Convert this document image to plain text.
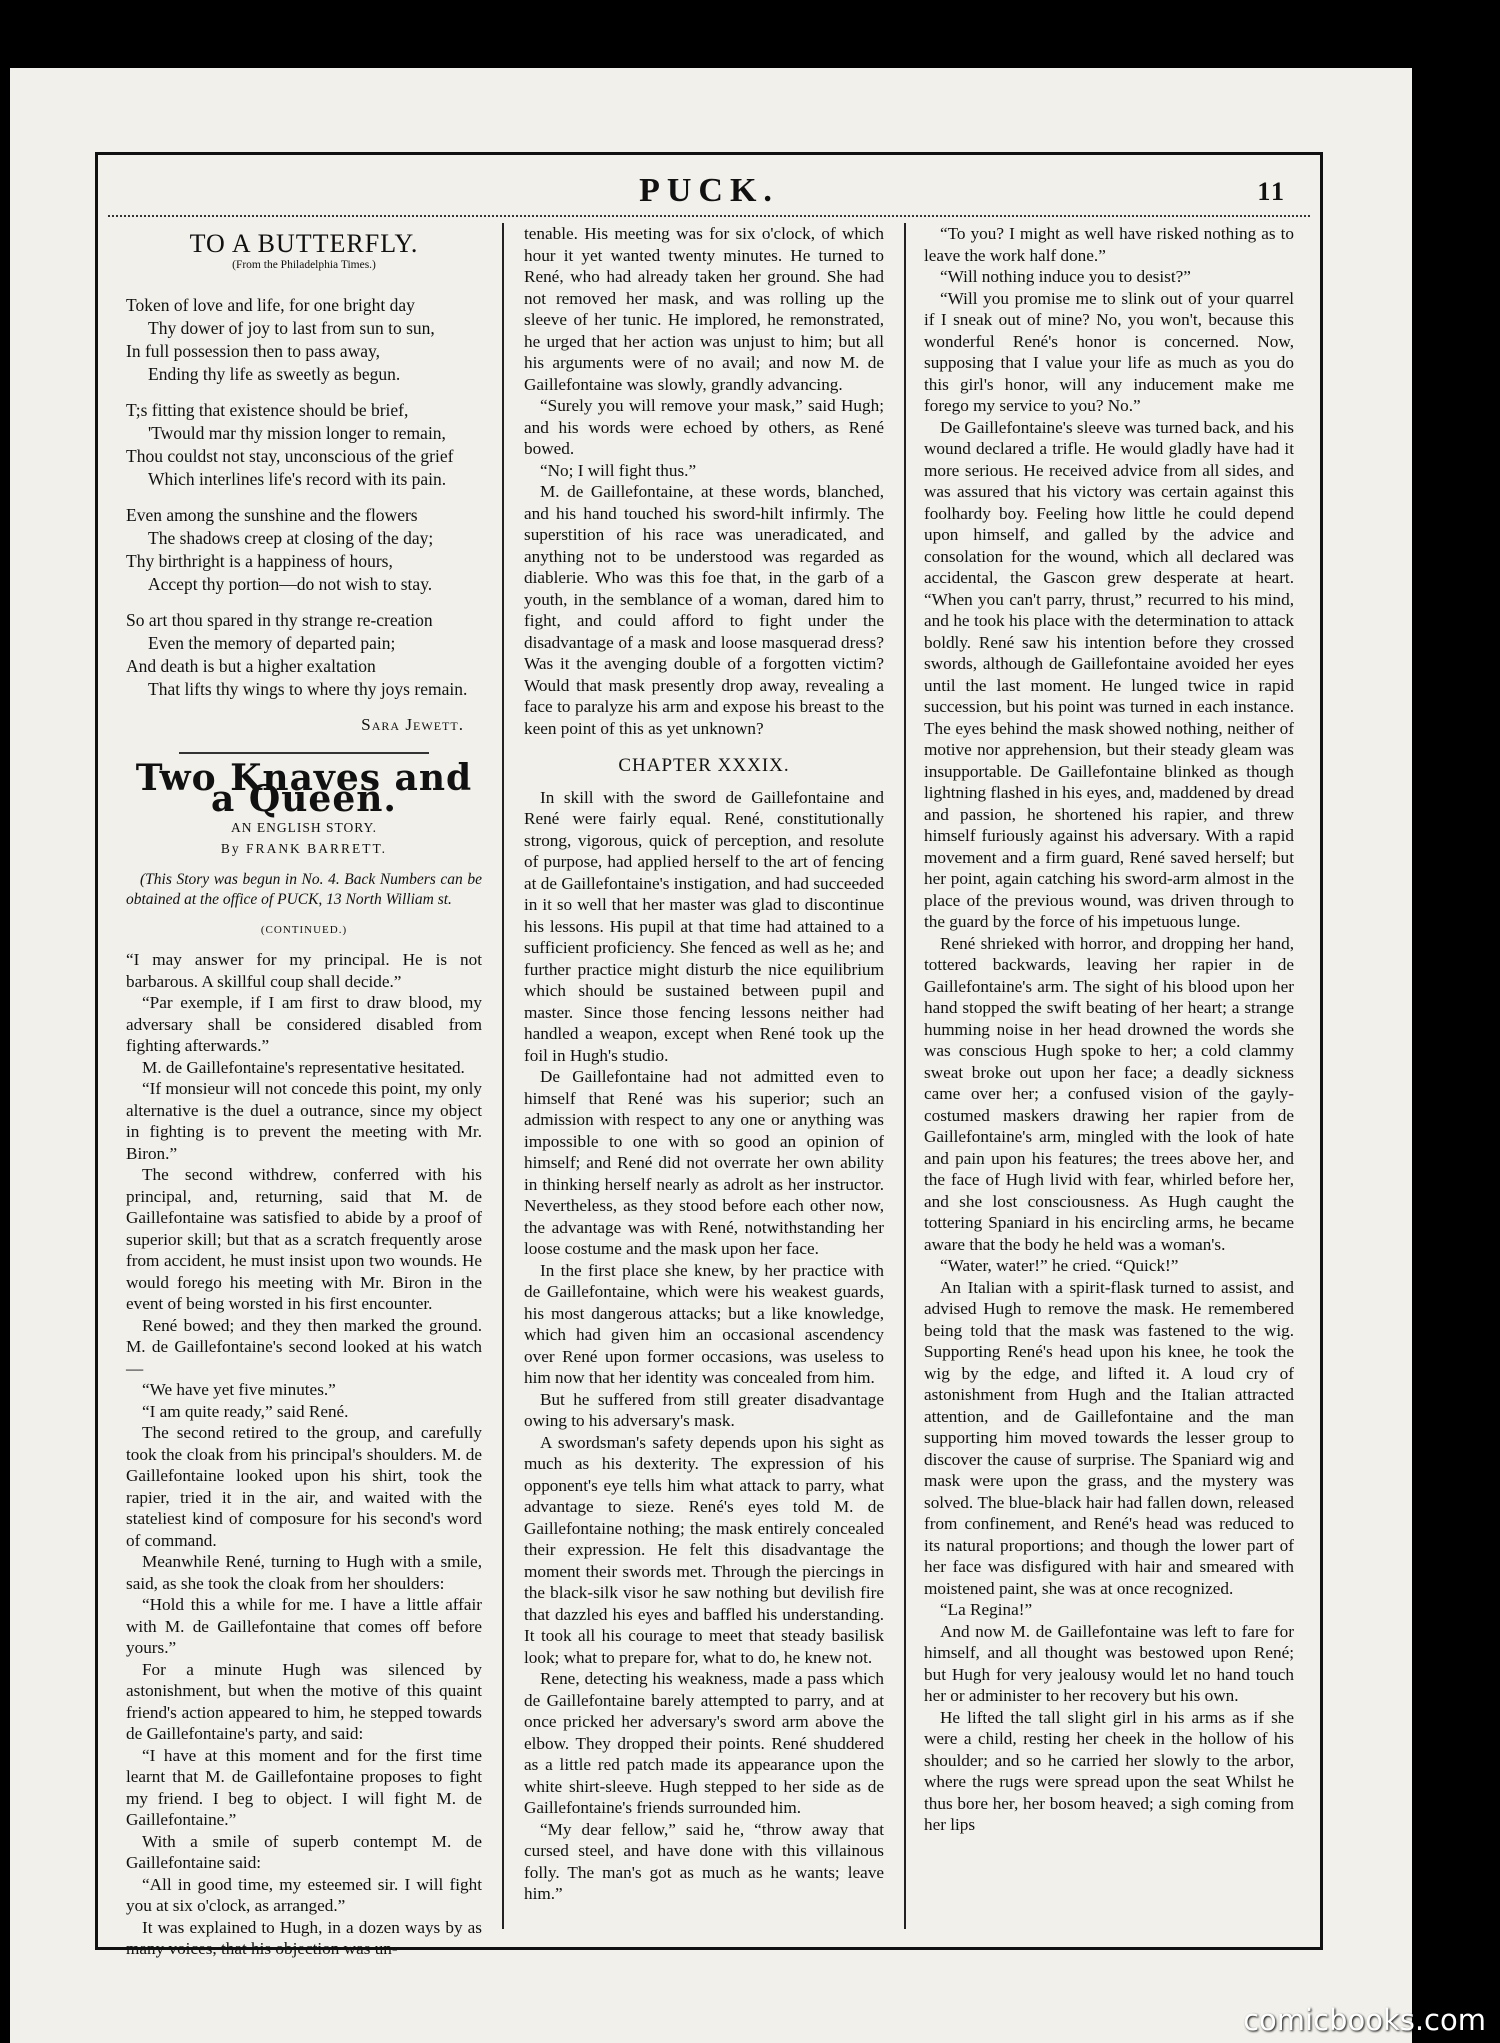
PUCK.	11
TO A BUTTERFLY.
(From the Philadelphia Times.)
Token of love and life, for one bright day
Thy dower of joy to last from sun to sun,
In full possession then to pass away,
Ending thy life as sweetly as begun.
T;s fitting that existence should be brief,
'Twould mar thy mission longer to remain,
Thou couldst not stay, unconscious of the grief
Which interlines life's record with its pain.
Even among the sunshine and the flowers
The shadows creep at closing of the day;
Thy birthright is a happiness of hours,
Accept thy portion—do not wish to stay.
So art thou spared in thy strange re-creation
Even the memory of departed pain;
And death is but a higher exaltation
That lifts thy wings to where thy joys remain.
Sara Jewett.
Two Knaves and a Queen.
AN ENGLISH STORY.
By FRANK BARRETT.
(This Story was begun in No. 4. Back Numbers can be obtained at the office of PUCK, 13 North William st.
(CONTINUED.)

“I may answer for my principal. He is not barbarous. A skillful coup shall decide.”

“Par exemple, if I am first to draw blood, my adversary shall be considered disabled from fighting afterwards.”

M. de Gaillefontaine's representative hesitated.

“If monsieur will not concede this point, my only alternative is the duel a outrance, since my object in fighting is to prevent the meeting with Mr. Biron.”

The second withdrew, conferred with his principal, and, returning, said that M. de Gaillefontaine was satisfied to abide by a proof of superior skill; but that as a scratch frequently arose from accident, he must insist upon two wounds. He would forego his meeting with Mr. Biron in the event of being worsted in his first encounter.

René bowed; and they then marked the ground. M. de Gaillefontaine's second looked at his watch—

“We have yet five minutes.”

“I am quite ready,” said René.

The second retired to the group, and carefully took the cloak from his principal's shoulders. M. de Gaillefontaine looked upon his shirt, took the rapier, tried it in the air, and waited with the stateliest kind of composure for his second's word of command.

Meanwhile René, turning to Hugh with a smile, said, as she took the cloak from her shoulders:

“Hold this a while for me. I have a little affair with M. de Gaillefontaine that comes off before yours.”

For a minute Hugh was silenced by astonishment, but when the motive of this quaint friend's action appeared to him, he stepped towards de Gaillefontaine's party, and said:

“I have at this moment and for the first time learnt that M. de Gaillefontaine proposes to fight my friend. I beg to object. I will fight M. de Gaillefontaine.”

With a smile of superb contempt M. de Gaillefontaine said:

“All in good time, my esteemed sir. I will fight you at six o'clock, as arranged.”

It was explained to Hugh, in a dozen ways by as many voices, that his objection was un-

tenable. His meeting was for six o'clock, of which hour it yet wanted twenty minutes. He turned to René, who had already taken her ground. She had not removed her mask, and was rolling up the sleeve of her tunic. He implored, he remonstrated, he urged that her action was unjust to him; but all his arguments were of no avail; and now M. de Gaillefontaine was slowly, grandly advancing.

“Surely you will remove your mask,” said Hugh; and his words were echoed by others, as René bowed.

“No; I will fight thus.”

M. de Gaillefontaine, at these words, blanched, and his hand touched his sword-hilt infirmly. The superstition of his race was uneradicated, and anything not to be understood was regarded as diablerie. Who was this foe that, in the garb of a youth, in the semblance of a woman, dared him to fight, and could afford to fight under the disadvantage of a mask and loose masquerad dress? Was it the avenging double of a forgotten victim? Would that mask presently drop away, revealing a face to paralyze his arm and expose his breast to the keen point of this as yet unknown?

CHAPTER XXXIX.

In skill with the sword de Gaillefontaine and René were fairly equal. René, constitutionally strong, vigorous, quick of perception, and resolute of purpose, had applied herself to the art of fencing at de Gaillefontaine's instigation, and had succeeded in it so well that her master was glad to discontinue his lessons. His pupil at that time had attained to a sufficient proficiency. She fenced as well as he; and further practice might disturb the nice equilibrium which should be sustained between pupil and master. Since those fencing lessons neither had handled a weapon, except when René took up the foil in Hugh's studio.

De Gaillefontaine had not admitted even to himself that René was his superior; such an admission with respect to any one or anything was impossible to one with so good an opinion of himself; and René did not overrate her own ability in thinking herself nearly as adrolt as her instructor. Nevertheless, as they stood before each other now, the advantage was with René, notwithstanding her loose costume and the mask upon her face.

In the first place she knew, by her practice with de Gaillefontaine, which were his weakest guards, his most dangerous attacks; but a like knowledge, which had given him an occasional ascendency over René upon former occasions, was useless to him now that her identity was concealed from him.

But he suffered from still greater disadvantage owing to his adversary's mask.

A swordsman's safety depends upon his sight as much as his dexterity. The expression of his opponent's eye tells him what attack to parry, what advantage to sieze. René's eyes told M. de Gaillefontaine nothing; the mask entirely concealed their expression. He felt this disadvantage the moment their swords met. Through the piercings in the black-silk visor he saw nothing but devilish fire that dazzled his eyes and baffled his understanding. It took all his courage to meet that steady basilisk look; what to prepare for, what to do, he knew not.

Rene, detecting his weakness, made a pass which de Gaillefontaine barely attempted to parry, and at once pricked her adversary's sword arm above the elbow. They dropped their points. René shuddered as a little red patch made its appearance upon the white shirt-sleeve. Hugh stepped to her side as de Gaillefontaine's friends surrounded him.

“My dear fellow,” said he, “throw away that cursed steel, and have done with this villainous folly. The man's got as much as he wants; leave him.”

“To you? I might as well have risked nothing as to leave the work half done.”

“Will nothing induce you to desist?”

“Will you promise me to slink out of your quarrel if I sneak out of mine? No, you won't, because this wonderful René's honor is concerned. Now, supposing that I value your life as much as you do this girl's honor, will any inducement make me forego my service to you? No.”

De Gaillefontaine's sleeve was turned back, and his wound declared a trifle. He would gladly have had it more serious. He received advice from all sides, and was assured that his victory was certain against this foolhardy boy. Feeling how little he could depend upon himself, and galled by the advice and consolation for the wound, which all declared was accidental, the Gascon grew desperate at heart. “When you can't parry, thrust,” recurred to his mind, and he took his place with the determination to attack boldly. René saw his intention before they crossed swords, although de Gaillefontaine avoided her eyes until the last moment. He lunged twice in rapid succession, but his point was turned in each instance. The eyes behind the mask showed nothing, neither of motive nor apprehension, but their steady gleam was insupportable. De Gaillefontaine blinked as though lightning flashed in his eyes, and, maddened by dread and passion, he shortened his rapier, and threw himself furiously against his adversary. With a rapid movement and a firm guard, René saved herself; but her point, again catching his sword-arm almost in the place of the previous wound, was driven through to the guard by the force of his impetuous lunge.

René shrieked with horror, and dropping her hand, tottered backwards, leaving her rapier in de Gaillefontaine's arm. The sight of his blood upon her hand stopped the swift beating of her heart; a strange humming noise in her head drowned the words she was conscious Hugh spoke to her; a cold clammy sweat broke out upon her face; a deadly sickness came over her; a confused vision of the gayly-costumed maskers drawing her rapier from de Gaillefontaine's arm, mingled with the look of hate and pain upon his features; the trees above her, and the face of Hugh livid with fear, whirled before her, and she lost consciousness. As Hugh caught the tottering Spaniard in his encircling arms, he became aware that the body he held was a woman's.

“Water, water!” he cried. “Quick!”

An Italian with a spirit-flask turned to assist, and advised Hugh to remove the mask. He remembered being told that the mask was fastened to the wig. Supporting René's head upon his knee, he took the wig by the edge, and lifted it. A loud cry of astonishment from Hugh and the Italian attracted attention, and de Gaillefontaine and the man supporting him moved towards the lesser group to discover the cause of surprise. The Spaniard wig and mask were upon the grass, and the mystery was solved. The blue-black hair had fallen down, released from confinement, and René's head was reduced to its natural proportions; and though the lower part of her face was disfigured with hair and smeared with moistened paint, she was at once recognized.

“La Regina!”

And now M. de Gaillefontaine was left to fare for himself, and all thought was bestowed upon René; but Hugh for very jealousy would let no hand touch her or administer to her recovery but his own.

He lifted the tall slight girl in his arms as if she were a child, resting her cheek in the hollow of his shoulder; and so he carried her slowly to the arbor, where the rugs were spread upon the seat Whilst he thus bore her, her bosom heaved; a sigh coming from her lips

comicbooks.com
